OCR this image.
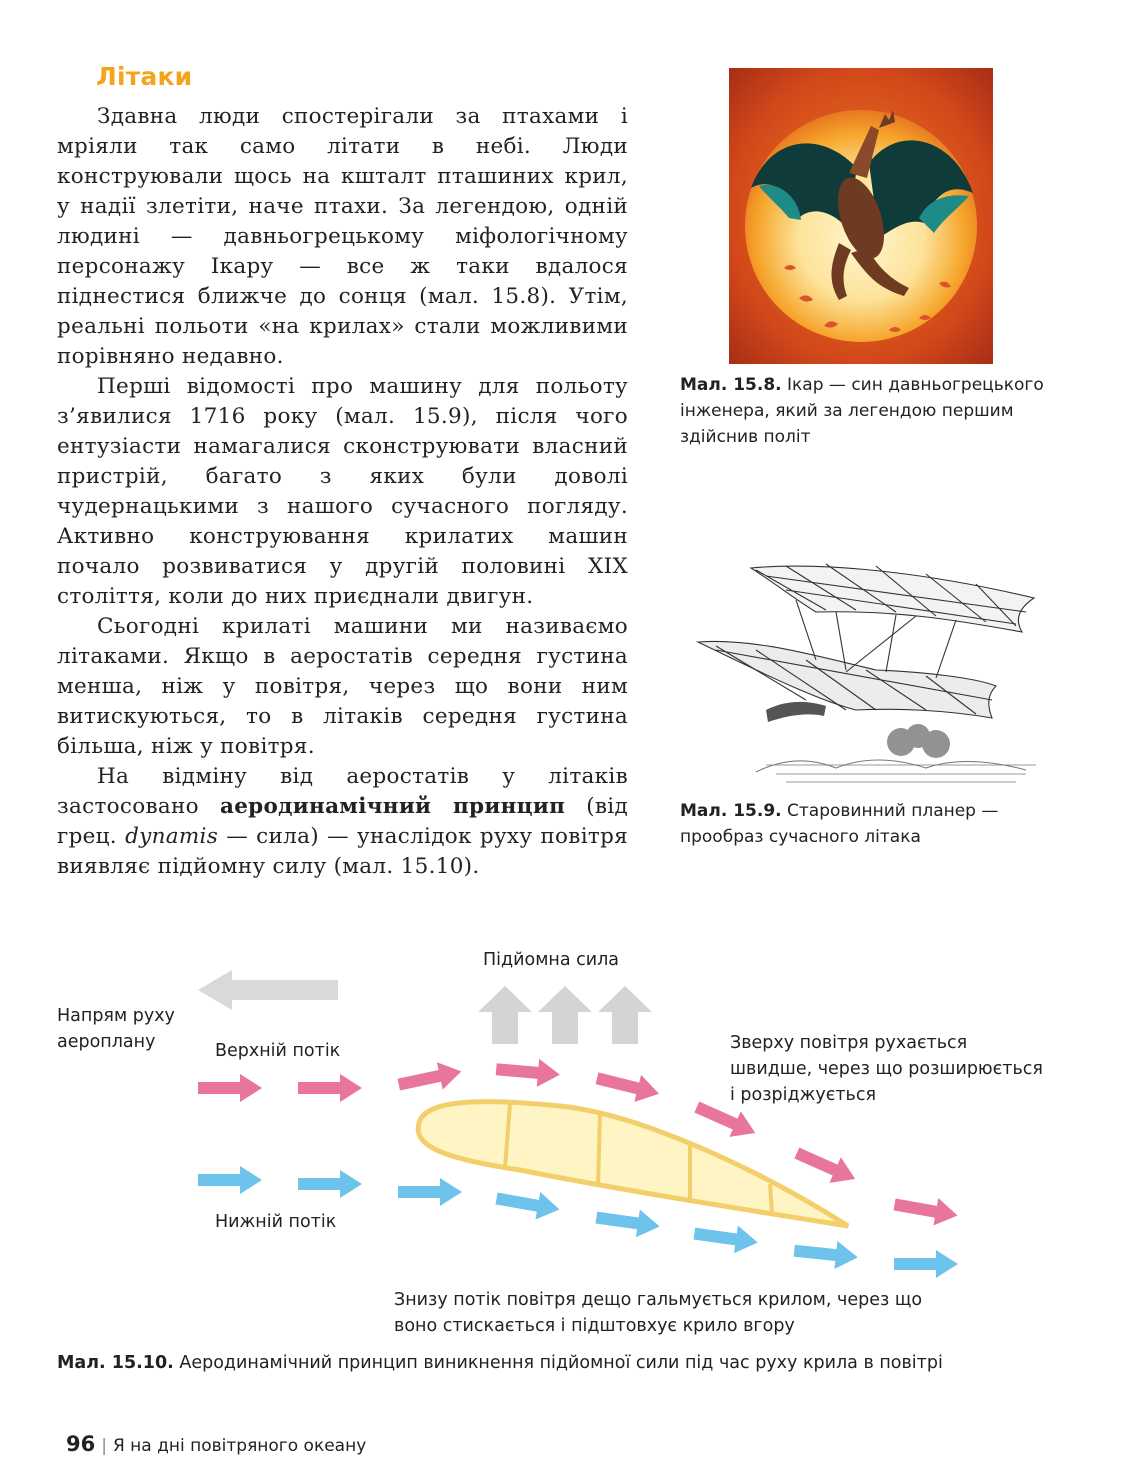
Літаки

Здавна люди спостерігали за птахами і мріяли так само літати в небі. Люди конструювали щось на кшталт пташиних крил, у надії злетіти, наче птахи. За легендою, одній людині — давньогрецькому міфологічному персонажу Ікару — все ж таки вдалося піднестися ближче до сонця (мал. 15.8). Утім, реальні польоти «на крилах» стали можливими порівняно недавно.

Перші відомості про машину для польоту з’явилися 1716 року (мал. 15.9), після чого ентузіасти намагалися сконструювати власний пристрій, багато з яких були доволі чудернацькими з нашого сучасного погляду. Активно конструювання крилатих машин почало розвиватися у другій половині XIX століття, коли до них приєднали двигун.

Сьогодні крилаті машини ми називаємо літаками. Якщо в аеростатів середня густина менша, ніж у повітря, через що вони ним витискуються, то в літаків середня густина більша, ніж у повітря.

На відміну від аеростатів у літаків застосовано аеродинамічний принцип (від грец. dynamis — сила) — унаслідок руху повітря виявляє підйомну силу (мал. 15.10).

Мал. 15.8. Ікар — син давньогрецького інженера, який за легендою першим здійснив політ
Мал. 15.9. Старовинний планер — прообраз сучасного літака
Підйомна сила
Напрям руху аероплану	Верхній потік
Нижній потік
Зверху повітря рухається швидше, через що розширюється і розріджується
Знизу потік повітря дещо гальмується крилом, через що воно стискається і підштовхує крило вгору
Мал. 15.10. Аеродинамічний принцип виникнення підйомної сили під час руху крила в повітрі
96 | Я на дні повітряного океану
